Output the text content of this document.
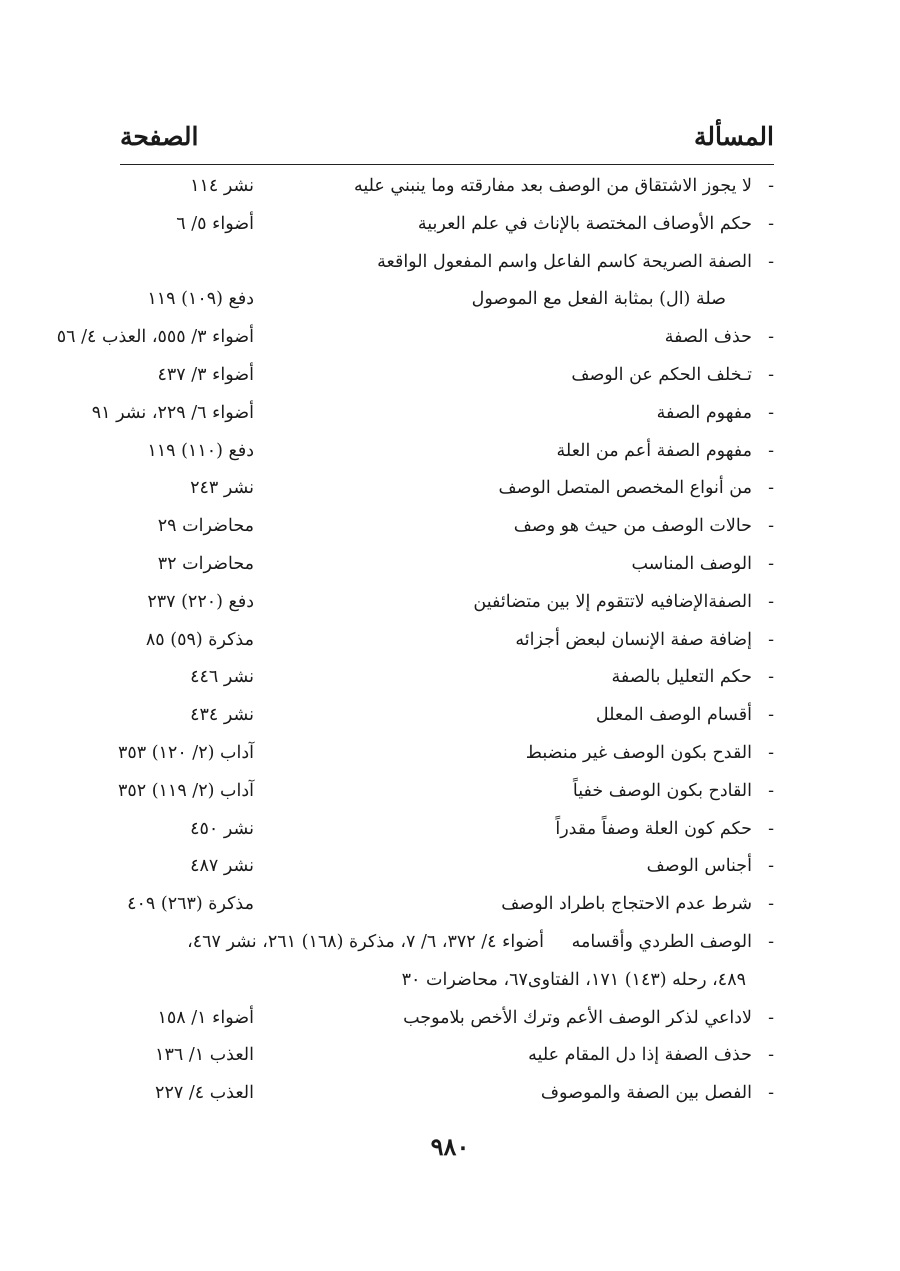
المسألة
الصفحة
-
لا يجوز الاشتقاق من الوصف بعد مفارقته وما ينبني عليه
نشر ١١٤
-
حكم الأوصاف المختصة بالإناث في علم العربية
أضواء ٥/ ٦
-
الصفة الصريحة كاسم الفاعل واسم المفعول الواقعة
صلة (ال) بمثابة الفعل مع الموصول
دفع (١٠٩) ١١٩
-
حذف الصفة
أضواء ٣/ ٥٥٥، العذب ٤/ ٥٦
-
تـخلف الحكم عن الوصف
أضواء ٣/ ٤٣٧
-
مفهوم الصفة
أضواء ٦/ ٢٢٩، نشر ٩١
-
مفهوم الصفة أعم من العلة
دفع (١١٠) ١١٩
-
من أنواع المخصص المتصل الوصف
نشر ٢٤٣
-
حالات الوصف من حيث هو وصف
محاضرات ٢٩
-
الوصف المناسب
محاضرات ٣٢
-
الصفةالإضافيه لاتتقوم إلا بين متضائفين
دفع (٢٢٠) ٢٣٧
-
إضافة صفة الإنسان لبعض أجزائه
مذكرة (٥٩) ٨٥
-
حكم التعليل بالصفة
نشر ٤٤٦
-
أقسام الوصف المعلل
نشر ٤٣٤
-
القدح بكون الوصف غير منضبط
آداب (٢/ ١٢٠) ٣٥٣
-
القادح بكون الوصف خفياً
آداب (٢/ ١١٩) ٣٥٢
-
حكم كون العلة وصفاً مقدراً
نشر ٤٥٠
-
أجناس الوصف
نشر ٤٨٧
-
شرط عدم الاحتجاج باطراد الوصف
مذكرة (٢٦٣) ٤٠٩
-
الوصف الطردي وأقسامه
أضواء ٤/ ٣٧٢، ٦/ ٧، مذكرة (١٦٨) ٢٦١، نشر ٤٦٧،
٤٨٩، رحله (١٤٣) ١٧١، الفتاوى٦٧، محاضرات ٣٠
-
لاداعي لذكر الوصف الأعم وترك الأخص بلاموجب
أضواء ١/ ١٥٨
-
حذف الصفة إذا دل المقام عليه
العذب ١/ ١٣٦
-
الفصل بين الصفة والموصوف
العذب ٤/ ٢٢٧
٩٨٠
